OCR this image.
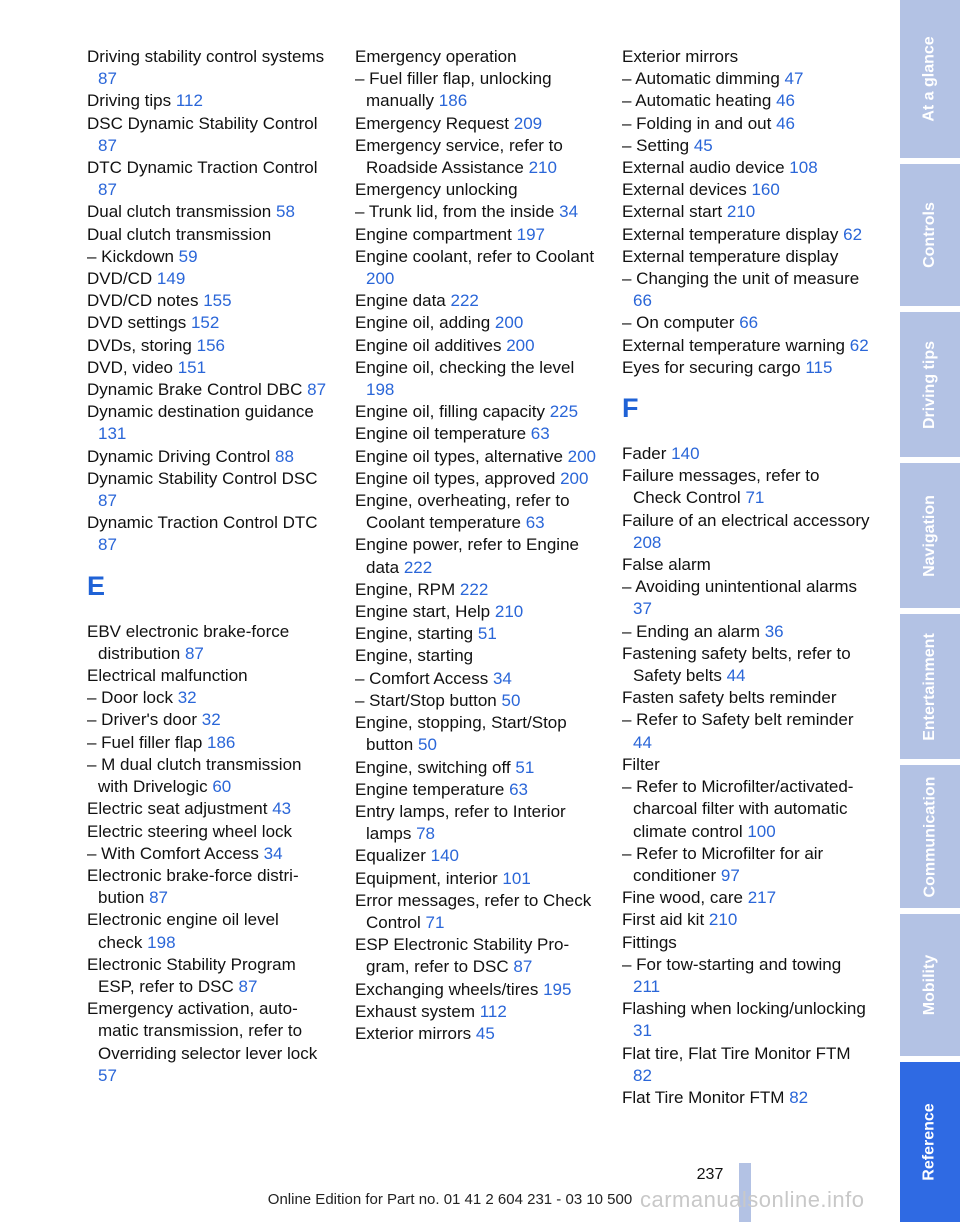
Driving stability control systems 87
Driving tips 112
DSC Dynamic Stability Control 87
DTC Dynamic Traction Control 87
Dual clutch transmission 58
Dual clutch transmission
– Kickdown 59
DVD/CD 149
DVD/CD notes 155
DVD settings 152
DVDs, storing 156
DVD, video 151
Dynamic Brake Control DBC 87
Dynamic destination guidance 131
Dynamic Driving Control 88
Dynamic Stability Control DSC 87
Dynamic Traction Control DTC 87
E
EBV electronic brake-force distribution 87
Electrical malfunction
– Door lock 32
– Driver's door 32
– Fuel filler flap 186
– M dual clutch transmission with Drivelogic 60
Electric seat adjustment 43
Electric steering wheel lock
– With Comfort Access 34
Electronic brake-force distribution 87
Electronic engine oil level check 198
Electronic Stability Program ESP, refer to DSC 87
Emergency activation, automatic transmission, refer to Overriding selector lever lock 57
Emergency operation
– Fuel filler flap, unlocking manually 186
Emergency Request 209
Emergency service, refer to Roadside Assistance 210
Emergency unlocking
– Trunk lid, from the inside 34
Engine compartment 197
Engine coolant, refer to Coolant 200
Engine data 222
Engine oil, adding 200
Engine oil additives 200
Engine oil, checking the level 198
Engine oil, filling capacity 225
Engine oil temperature 63
Engine oil types, alternative 200
Engine oil types, approved 200
Engine, overheating, refer to Coolant temperature 63
Engine power, refer to Engine data 222
Engine, RPM 222
Engine start, Help 210
Engine, starting 51
Engine, starting
– Comfort Access 34
– Start/Stop button 50
Engine, stopping, Start/Stop button 50
Engine, switching off 51
Engine temperature 63
Entry lamps, refer to Interior lamps 78
Equalizer 140
Equipment, interior 101
Error messages, refer to Check Control 71
ESP Electronic Stability Program, refer to DSC 87
Exchanging wheels/tires 195
Exhaust system 112
Exterior mirrors 45
Exterior mirrors
– Automatic dimming 47
– Automatic heating 46
– Folding in and out 46
– Setting 45
External audio device 108
External devices 160
External start 210
External temperature display 62
External temperature display
– Changing the unit of measure 66
– On computer 66
External temperature warning 62
Eyes for securing cargo 115
F
Fader 140
Failure messages, refer to Check Control 71
Failure of an electrical accessory 208
False alarm
– Avoiding unintentional alarms 37
– Ending an alarm 36
Fastening safety belts, refer to Safety belts 44
Fasten safety belts reminder
– Refer to Safety belt reminder 44
Filter
– Refer to Microfilter/activated-charcoal filter with automatic climate control 100
– Refer to Microfilter for air conditioner 97
Fine wood, care 217
First aid kit 210
Fittings
– For tow-starting and towing 211
Flashing when locking/unlocking 31
Flat tire, Flat Tire Monitor FTM 82
Flat Tire Monitor FTM 82
At a glance
Controls
Driving tips
Navigation
Entertainment
Communication
Mobility
Reference
237
Online Edition for Part no. 01 41 2 604 231 - 03 10 500 carmanualsonline.info
